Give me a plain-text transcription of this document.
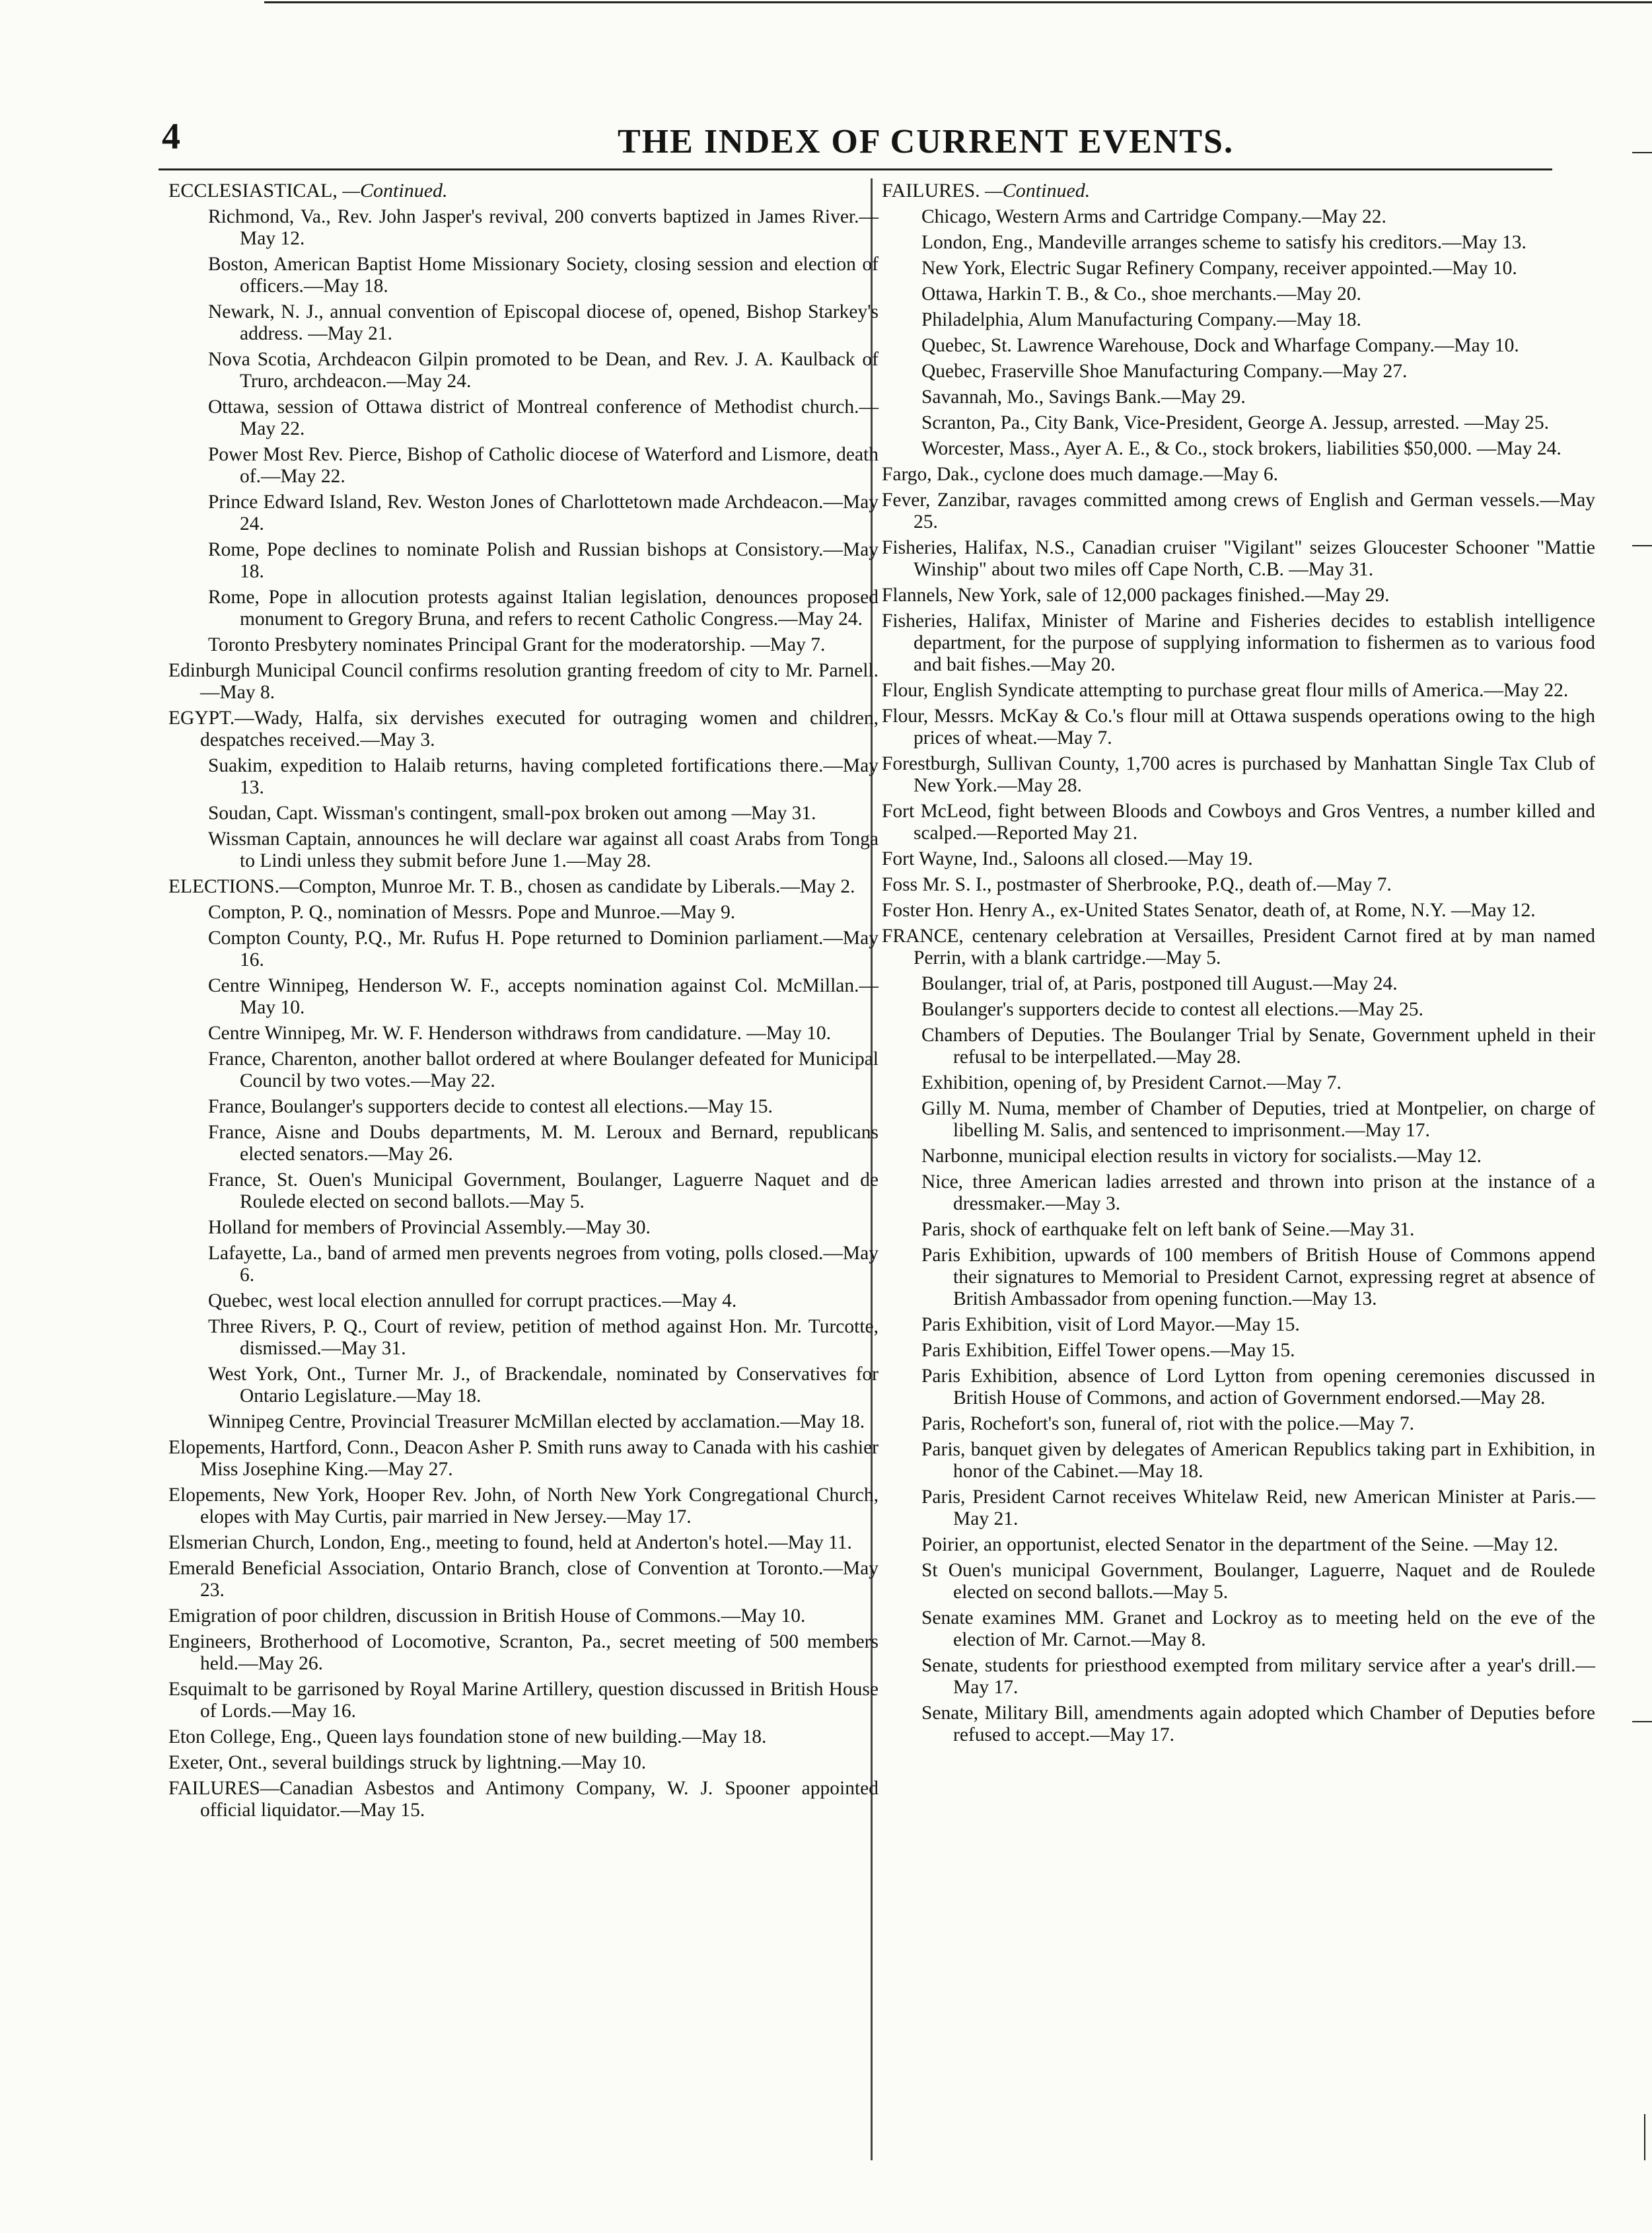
4	THE INDEX OF CURRENT EVENTS.
ECCLESIASTICAL, —Continued.
Richmond, Va., Rev. John Jasper's revival, 200 converts baptized in James River.—May 12.
Boston, American Baptist Home Missionary Society, closing session and election of officers.—May 18.
Newark, N. J., annual convention of Episcopal diocese of, opened, Bishop Starkey's address. —May 21.
Nova Scotia, Archdeacon Gilpin promoted to be Dean, and Rev. J. A. Kaulback of Truro, archdeacon.—May 24.
Ottawa, session of Ottawa district of Montreal conference of Methodist church.—May 22.
Power Most Rev. Pierce, Bishop of Catholic diocese of Waterford and Lismore, death of.—May 22.
Prince Edward Island, Rev. Weston Jones of Charlottetown made Archdeacon.—May 24.
Rome, Pope declines to nominate Polish and Russian bishops at Consistory.—May 18.
Rome, Pope in allocution protests against Italian legislation, denounces proposed monument to Gregory Bruna, and refers to recent Catholic Congress.—May 24.
Toronto Presbytery nominates Principal Grant for the moderatorship. —May 7.
Edinburgh Municipal Council confirms resolution granting freedom of city to Mr. Parnell.—May 8.
EGYPT.—Wady, Halfa, six dervishes executed for outraging women and children, despatches received.—May 3.
Suakim, expedition to Halaib returns, having completed fortifications there.—May 13.
Soudan, Capt. Wissman's contingent, small-pox broken out among —May 31.
Wissman Captain, announces he will declare war against all coast Arabs from Tonga to Lindi unless they submit before June 1.—May 28.
ELECTIONS.—Compton, Munroe Mr. T. B., chosen as candidate by Liberals.—May 2.
Compton, P. Q., nomination of Messrs. Pope and Munroe.—May 9.
Compton County, P.Q., Mr. Rufus H. Pope returned to Dominion parliament.—May 16.
Centre Winnipeg, Henderson W. F., accepts nomination against Col. McMillan.—May 10.
Centre Winnipeg, Mr. W. F. Henderson withdraws from candidature. —May 10.
France, Charenton, another ballot ordered at where Boulanger defeated for Municipal Council by two votes.—May 22.
France, Boulanger's supporters decide to contest all elections.—May 15.
France, Aisne and Doubs departments, M. M. Leroux and Bernard, republicans elected senators.—May 26.
France, St. Ouen's Municipal Government, Boulanger, Laguerre Naquet and de Roulede elected on second ballots.—May 5.
Holland for members of Provincial Assembly.—May 30.
Lafayette, La., band of armed men prevents negroes from voting, polls closed.—May 6.
Quebec, west local election annulled for corrupt practices.—May 4.
Three Rivers, P. Q., Court of review, petition of method against Hon. Mr. Turcotte, dismissed.—May 31.
West York, Ont., Turner Mr. J., of Brackendale, nominated by Conservatives for Ontario Legislature.—May 18.
Winnipeg Centre, Provincial Treasurer McMillan elected by acclamation.—May 18.
Elopements, Hartford, Conn., Deacon Asher P. Smith runs away to Canada with his cashier Miss Josephine King.—May 27.
Elopements, New York, Hooper Rev. John, of North New York Congregational Church, elopes with May Curtis, pair married in New Jersey.—May 17.
Elsmerian Church, London, Eng., meeting to found, held at Anderton's hotel.—May 11.
Emerald Beneficial Association, Ontario Branch, close of Convention at Toronto.—May 23.
Emigration of poor children, discussion in British House of Commons.—May 10.
Engineers, Brotherhood of Locomotive, Scranton, Pa., secret meeting of 500 members held.—May 26.
Esquimalt to be garrisoned by Royal Marine Artillery, question discussed in British House of Lords.—May 16.
Eton College, Eng., Queen lays foundation stone of new building.—May 18.
Exeter, Ont., several buildings struck by lightning.—May 10.
FAILURES—Canadian Asbestos and Antimony Company, W. J. Spooner appointed official liquidator.—May 15.
FAILURES. —Continued.
Chicago, Western Arms and Cartridge Company.—May 22.
London, Eng., Mandeville arranges scheme to satisfy his creditors.—May 13.
New York, Electric Sugar Refinery Company, receiver appointed.—May 10.
Ottawa, Harkin T. B., & Co., shoe merchants.—May 20.
Philadelphia, Alum Manufacturing Company.—May 18.
Quebec, St. Lawrence Warehouse, Dock and Wharfage Company.—May 10.
Quebec, Fraserville Shoe Manufacturing Company.—May 27.
Savannah, Mo., Savings Bank.—May 29.
Scranton, Pa., City Bank, Vice-President, George A. Jessup, arrested. —May 25.
Worcester, Mass., Ayer A. E., & Co., stock brokers, liabilities $50,000. —May 24.
Fargo, Dak., cyclone does much damage.—May 6.
Fever, Zanzibar, ravages committed among crews of English and German vessels.—May 25.
Fisheries, Halifax, N.S., Canadian cruiser "Vigilant" seizes Gloucester Schooner "Mattie Winship" about two miles off Cape North, C.B. —May 31.
Flannels, New York, sale of 12,000 packages finished.—May 29.
Fisheries, Halifax, Minister of Marine and Fisheries decides to establish intelligence department, for the purpose of supplying information to fishermen as to various food and bait fishes.—May 20.
Flour, English Syndicate attempting to purchase great flour mills of America.—May 22.
Flour, Messrs. McKay & Co.'s flour mill at Ottawa suspends operations owing to the high prices of wheat.—May 7.
Forestburgh, Sullivan County, 1,700 acres is purchased by Manhattan Single Tax Club of New York.—May 28.
Fort McLeod, fight between Bloods and Cowboys and Gros Ventres, a number killed and scalped.—Reported May 21.
Fort Wayne, Ind., Saloons all closed.—May 19.
Foss Mr. S. I., postmaster of Sherbrooke, P.Q., death of.—May 7.
Foster Hon. Henry A., ex-United States Senator, death of, at Rome, N.Y. —May 12.
FRANCE, centenary celebration at Versailles, President Carnot fired at by man named Perrin, with a blank cartridge.—May 5.
Boulanger, trial of, at Paris, postponed till August.—May 24.
Boulanger's supporters decide to contest all elections.—May 25.
Chambers of Deputies. The Boulanger Trial by Senate, Government upheld in their refusal to be interpellated.—May 28.
Exhibition, opening of, by President Carnot.—May 7.
Gilly M. Numa, member of Chamber of Deputies, tried at Montpelier, on charge of libelling M. Salis, and sentenced to imprisonment.—May 17.
Narbonne, municipal election results in victory for socialists.—May 12.
Nice, three American ladies arrested and thrown into prison at the instance of a dressmaker.—May 3.
Paris, shock of earthquake felt on left bank of Seine.—May 31.
Paris Exhibition, upwards of 100 members of British House of Commons append their signatures to Memorial to President Carnot, expressing regret at absence of British Ambassador from opening function.—May 13.
Paris Exhibition, visit of Lord Mayor.—May 15.
Paris Exhibition, Eiffel Tower opens.—May 15.
Paris Exhibition, absence of Lord Lytton from opening ceremonies discussed in British House of Commons, and action of Government endorsed.—May 28.
Paris, Rochefort's son, funeral of, riot with the police.—May 7.
Paris, banquet given by delegates of American Republics taking part in Exhibition, in honor of the Cabinet.—May 18.
Paris, President Carnot receives Whitelaw Reid, new American Minister at Paris.—May 21.
Poirier, an opportunist, elected Senator in the department of the Seine. —May 12.
St Ouen's municipal Government, Boulanger, Laguerre, Naquet and de Roulede elected on second ballots.—May 5.
Senate examines MM. Granet and Lockroy as to meeting held on the eve of the election of Mr. Carnot.—May 8.
Senate, students for priesthood exempted from military service after a year's drill.—May 17.
Senate, Military Bill, amendments again adopted which Chamber of Deputies before refused to accept.—May 17.
